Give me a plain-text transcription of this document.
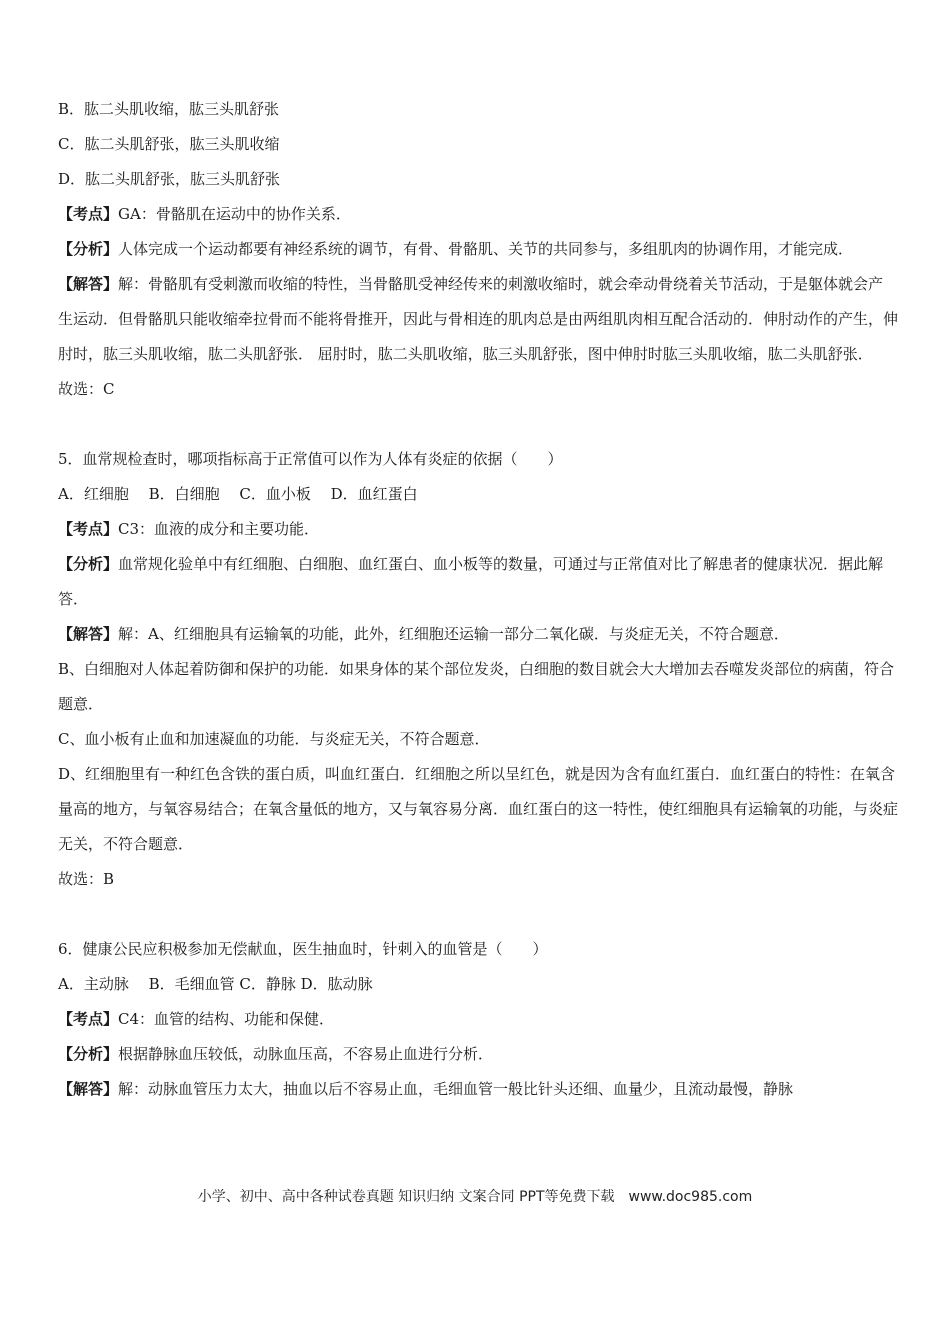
B．肱二头肌收缩，肱三头肌舒张
C．肱二头肌舒张，肱三头肌收缩
D．肱二头肌舒张，肱三头肌舒张
【考点】GA：骨骼肌在运动中的协作关系．
【分析】人体完成一个运动都要有神经系统的调节，有骨、骨骼肌、关节的共同参与，多组肌肉的协调作用，才能完成．
【解答】解：骨骼肌有受刺激而收缩的特性，当骨骼肌受神经传来的刺激收缩时，就会牵动骨绕着关节活动，于是躯体就会产生运动．但骨骼肌只能收缩牵拉骨而不能将骨推开，因此与骨相连的肌肉总是由两组肌肉相互配合活动的．伸肘动作的产生，伸肘时，肱三头肌收缩，肱二头肌舒张． 屈肘时，肱二头肌收缩，肱三头肌舒张，图中伸肘时肱三头肌收缩，肱二头肌舒张．
故选：C
5．血常规检查时，哪项指标高于正常值可以作为人体有炎症的依据（　　）
A．红细胞　 B．白细胞　 C．血小板　 D．血红蛋白
【考点】C3：血液的成分和主要功能．
【分析】血常规化验单中有红细胞、白细胞、血红蛋白、血小板等的数量，可通过与正常值对比了解患者的健康状况．据此解答．
【解答】解：A、红细胞具有运输氧的功能，此外，红细胞还运输一部分二氧化碳．与炎症无关，不符合题意．
B、白细胞对人体起着防御和保护的功能．如果身体的某个部位发炎，白细胞的数目就会大大增加去吞噬发炎部位的病菌，符合题意．
C、血小板有止血和加速凝血的功能．与炎症无关，不符合题意．
D、红细胞里有一种红色含铁的蛋白质，叫血红蛋白．红细胞之所以呈红色，就是因为含有血红蛋白．血红蛋白的特性：在氧含量高的地方，与氧容易结合；在氧含量低的地方，又与氧容易分离．血红蛋白的这一特性，使红细胞具有运输氧的功能，与炎症无关，不符合题意．
故选：B
6．健康公民应积极参加无偿献血，医生抽血时，针刺入的血管是（　　）
A．主动脉　 B．毛细血管 C．静脉 D．肱动脉
【考点】C4：血管的结构、功能和保健．
【分析】根据静脉血压较低，动脉血压高，不容易止血进行分析．
【解答】解：动脉血管压力太大，抽血以后不容易止血，毛细血管一般比针头还细、血量少，且流动最慢，静脉
小学、初中、高中各种试卷真题 知识归纳 文案合同 PPT等免费下载　www.doc985.com
